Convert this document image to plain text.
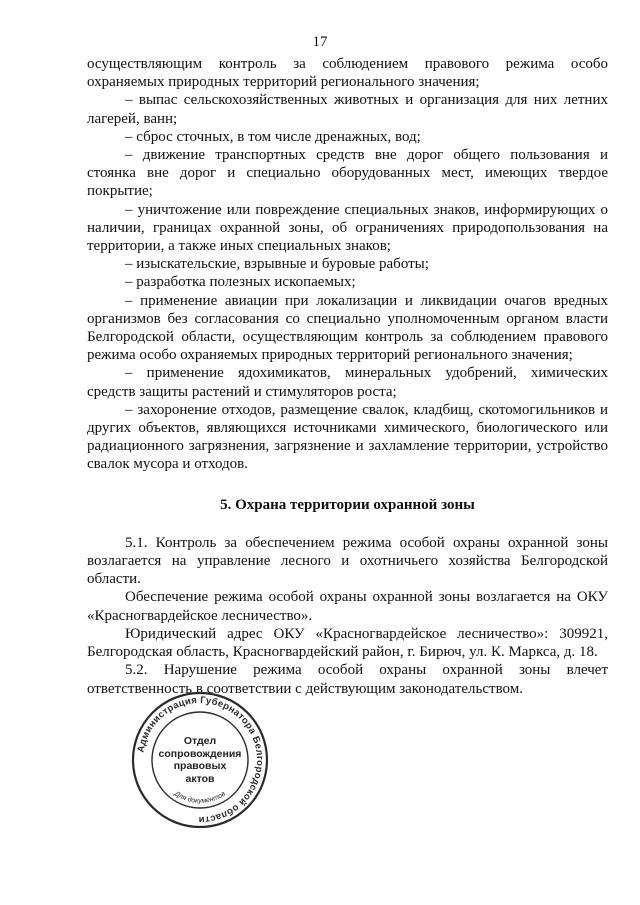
17

осуществляющим контроль за соблюдением правового режима особо охраняемых природных территорий регионального значения;

– выпас сельскохозяйственных животных и организация для них летних лагерей, ванн;

– сброс сточных, в том числе дренажных, вод;

– движение транспортных средств вне дорог общего пользования и стоянка вне дорог и специально оборудованных мест, имеющих твердое покрытие;

– уничтожение или повреждение специальных знаков, информирующих о наличии, границах охранной зоны, об ограничениях природопользования на территории, а также иных специальных знаков;

– изыскательские, взрывные и буровые работы;

– разработка полезных ископаемых;

– применение авиации при локализации и ликвидации очагов вредных организмов без согласования со специально уполномоченным органом власти Белгородской области, осуществляющим контроль за соблюдением правового режима особо охраняемых природных территорий регионального значения;

– применение ядохимикатов, минеральных удобрений, химических средств защиты растений и стимуляторов роста;

– захоронение отходов, размещение свалок, кладбищ, скотомогильников и других объектов, являющихся источниками химического, биологического или радиационного загрязнения, загрязнение и захламление территории, устройство свалок мусора и отходов.

5. Охрана территории охранной зоны

5.1. Контроль за обеспечением режима особой охраны охранной зоны возлагается на управление лесного и охотничьего хозяйства Белгородской области.

Обеспечение режима особой охраны охранной зоны возлагается на ОКУ «Красногвардейское лесничество».

Юридический адрес ОКУ «Красногвардейское лесничество»: 309921, Белгородская область, Красногвардейский район, г. Бирюч, ул. К. Маркса, д. 18.

5.2. Нарушение режима особой охраны охранной зоны влечет ответственность в соответствии с действующим законодательством.

Администрация Губернатора Белгородской области
Для документов
Отдел
сопровождения
правовых
актов
